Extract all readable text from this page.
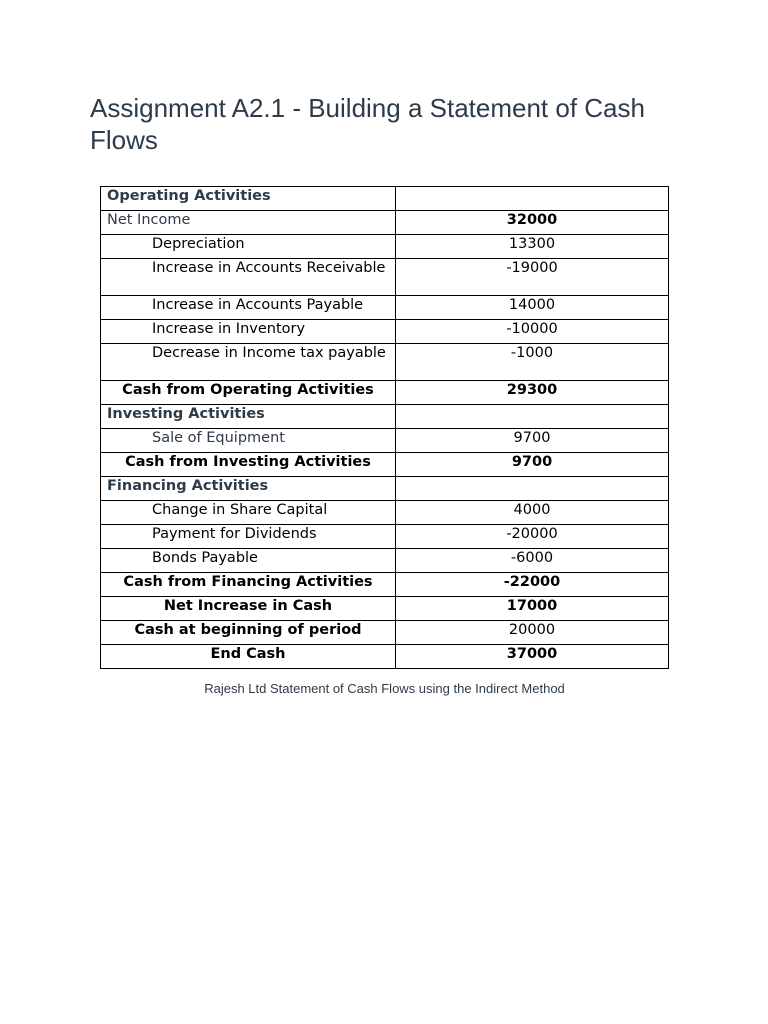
Assignment A2.1 - Building a Statement of Cash Flows
Operating Activities	
Net Income	32000
Depreciation	13300
Increase in Accounts Receivable	-19000
Increase in Accounts Payable	14000
Increase in Inventory	-10000
Decrease in Income tax payable	-1000
Cash from Operating Activities	29300
Investing Activities	
Sale of Equipment	9700
Cash from Investing Activities	9700
Financing Activities	
Change in Share Capital	4000
Payment for Dividends	-20000
Bonds Payable	-6000
Cash from Financing Activities	-22000
Net Increase in Cash	17000
Cash at beginning of period	20000
End Cash	37000
Rajesh Ltd Statement of Cash Flows using the Indirect Method
